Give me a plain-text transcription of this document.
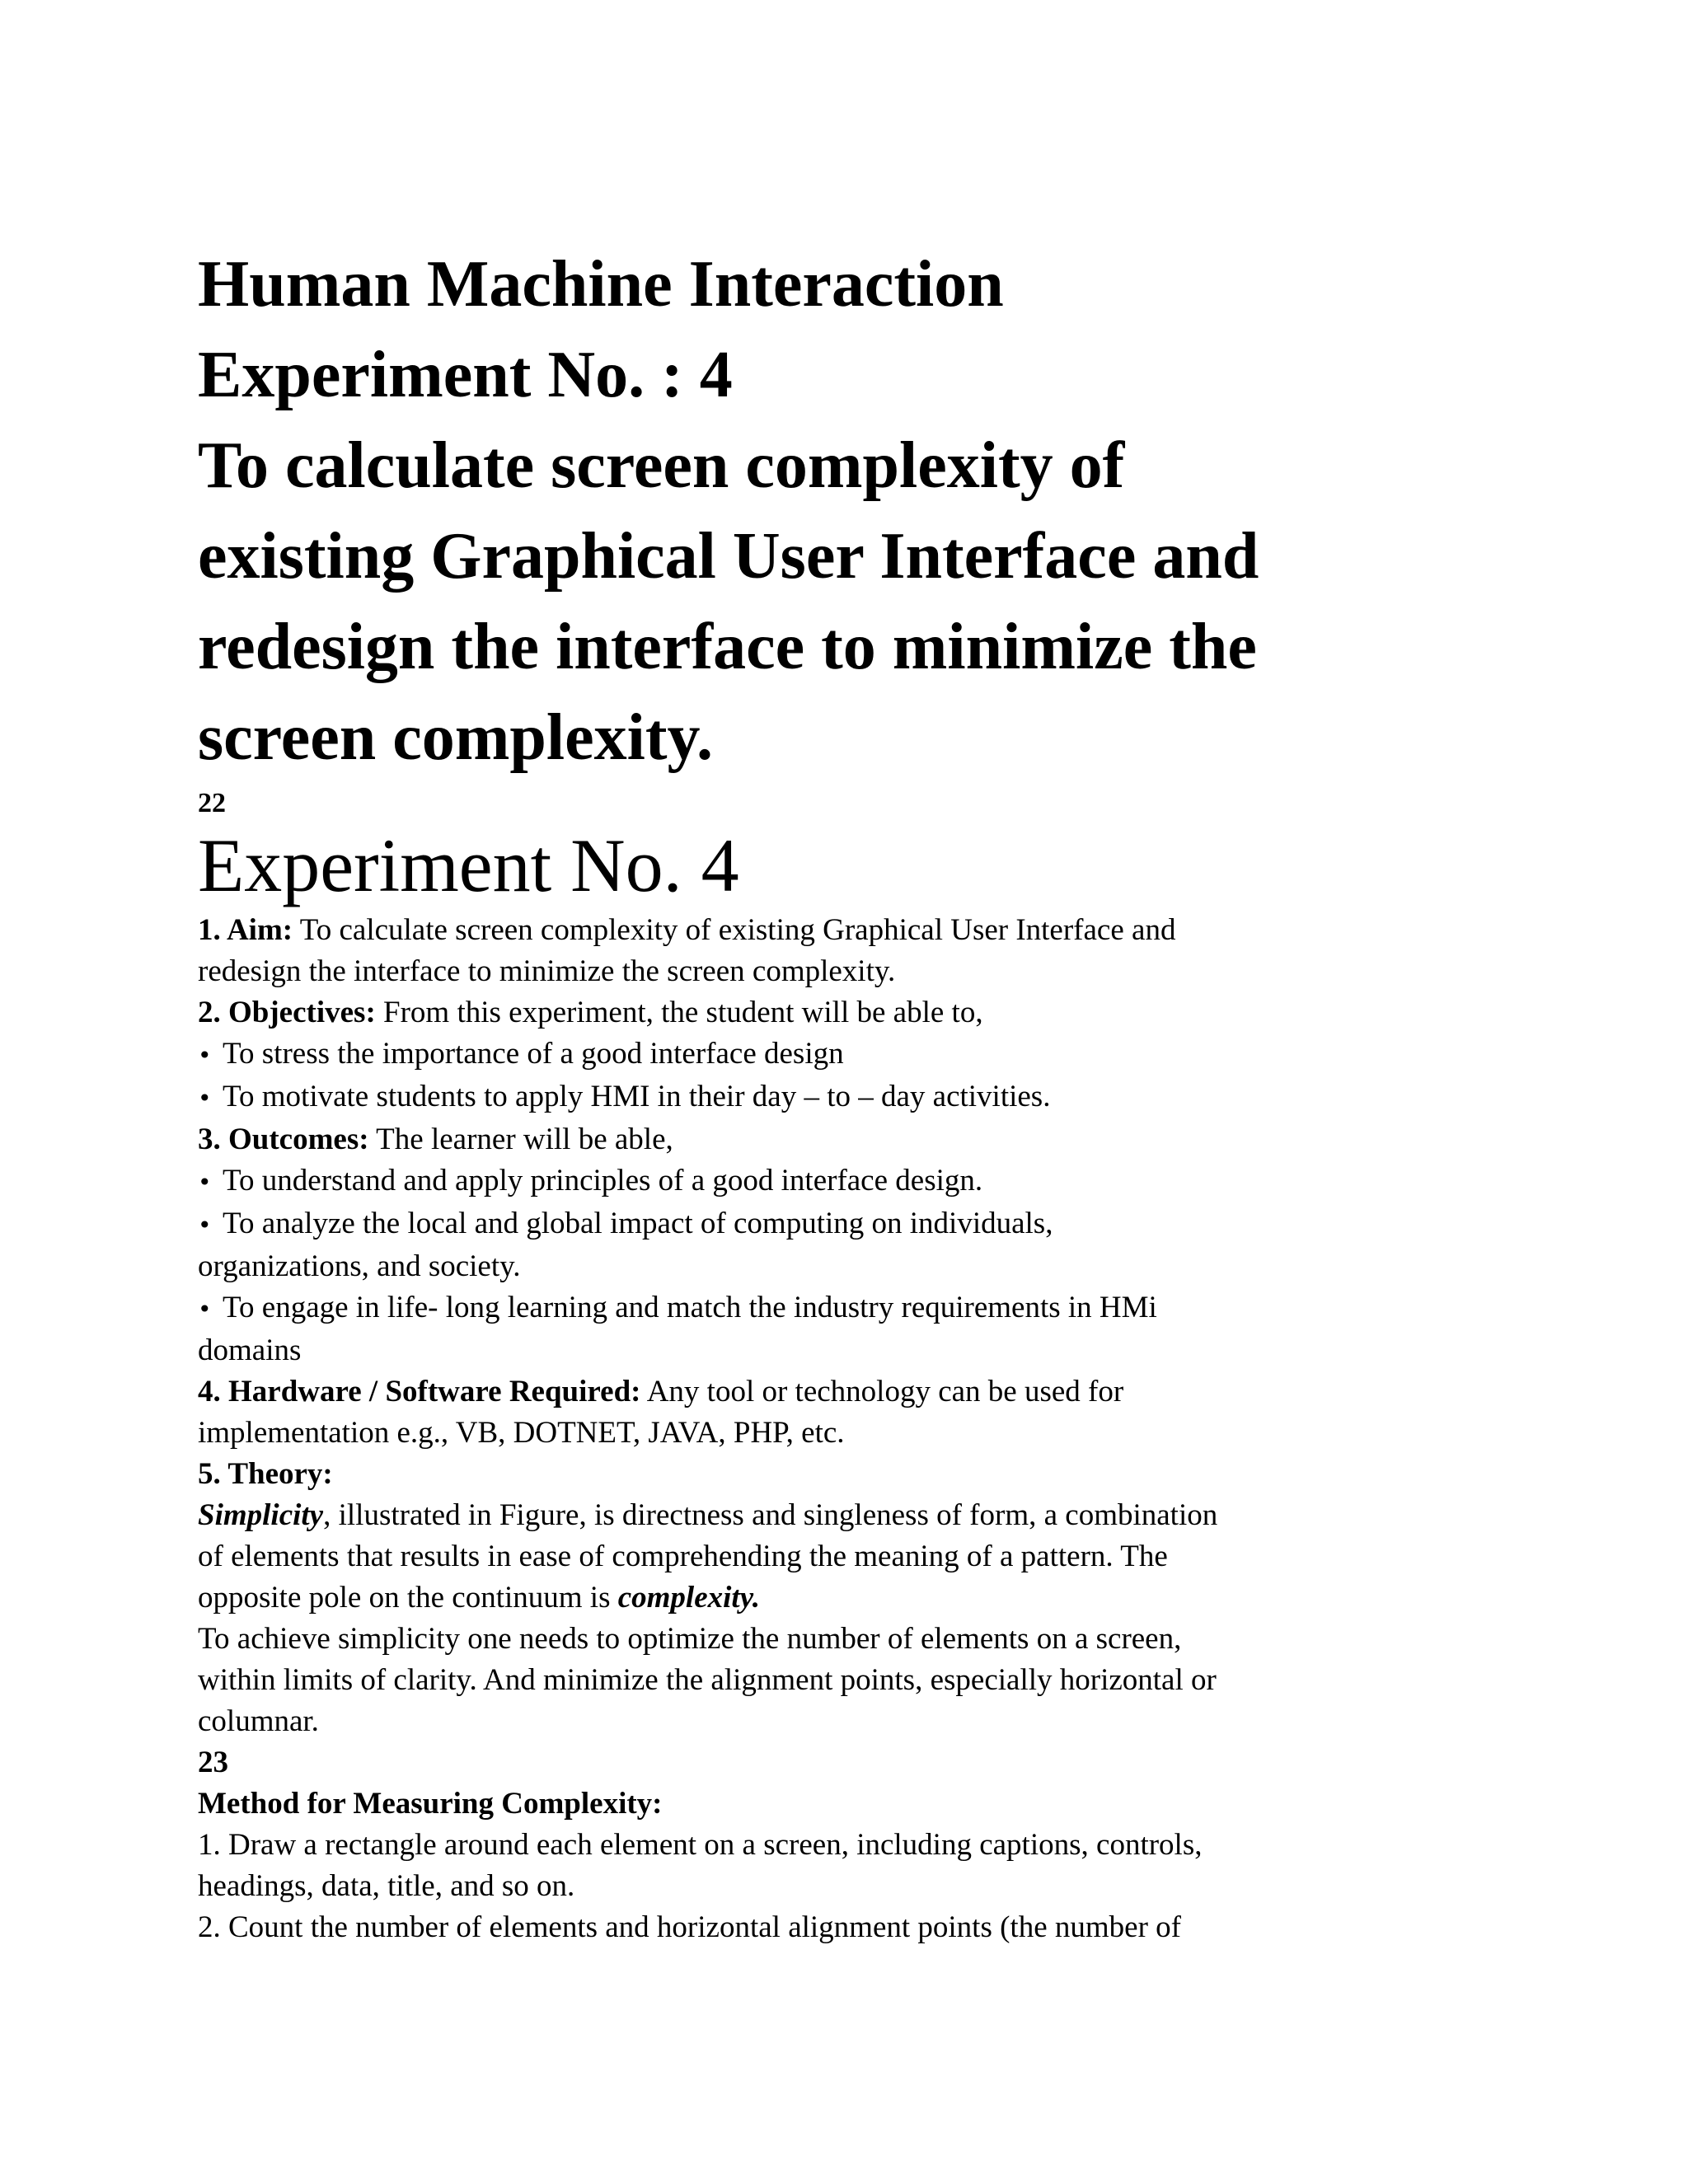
Human Machine Interaction

Experiment No. : 4

To calculate screen complexity of

existing Graphical User Interface and

redesign the interface to minimize the

screen complexity.

22

Experiment No. 4

1. Aim: To calculate screen complexity of existing Graphical User Interface and

redesign the interface to minimize the screen complexity.

2. Objectives: From this experiment, the student will be able to,

• To stress the importance of a good interface design

• To motivate students to apply HMI in their day – to – day activities.

3. Outcomes: The learner will be able,

• To understand and apply principles of a good interface design.

• To analyze the local and global impact of computing on individuals,

organizations, and society.

• To engage in life- long learning and match the industry requirements in HMi

domains

4. Hardware / Software Required: Any tool or technology can be used for

implementation e.g., VB, DOTNET, JAVA, PHP, etc.

5. Theory:

Simplicity, illustrated in Figure, is directness and singleness of form, a combination

of elements that results in ease of comprehending the meaning of a pattern. The

opposite pole on the continuum is complexity.

To achieve simplicity one needs to optimize the number of elements on a screen,

within limits of clarity. And minimize the alignment points, especially horizontal or

columnar.

23

Method for Measuring Complexity:

1. Draw a rectangle around each element on a screen, including captions, controls,

headings, data, title, and so on.

2. Count the number of elements and horizontal alignment points (the number of
